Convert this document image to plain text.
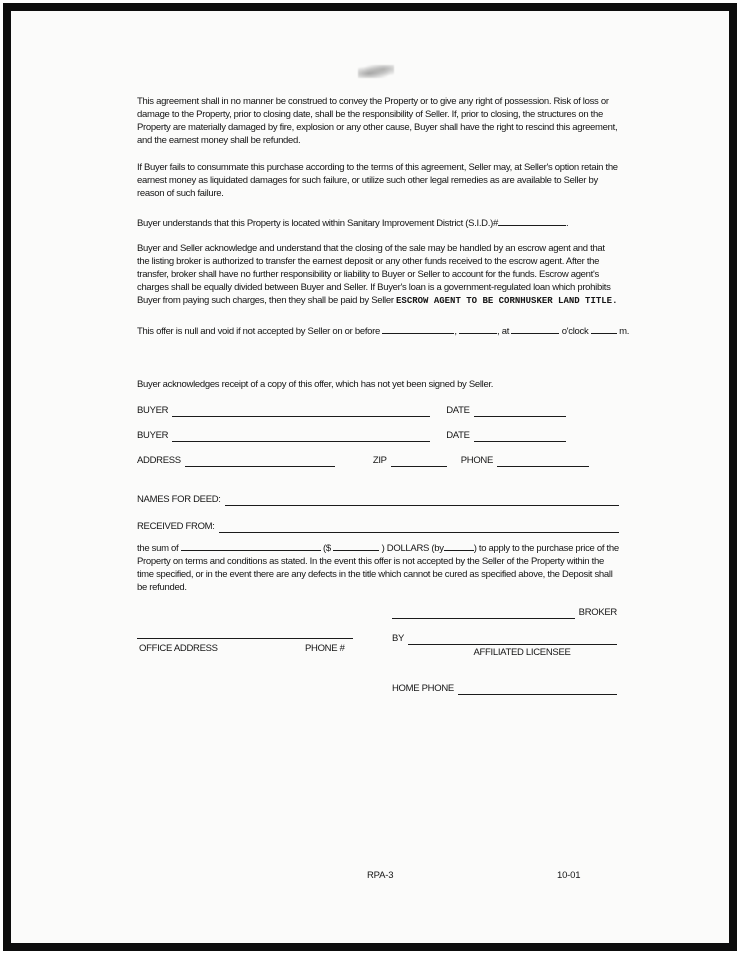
This agreement shall in no manner be construed to convey the Property or to give any right of possession. Risk of loss or damage to the Property, prior to closing date, shall be the responsibility of Seller. If, prior to closing, the structures on the Property are materially damaged by fire, explosion or any other cause, Buyer shall have the right to rescind this agreement, and the earnest money shall be refunded.

If Buyer fails to consummate this purchase according to the terms of this agreement, Seller may, at Seller's option retain the earnest money as liquidated damages for such failure, or utilize such other legal remedies as are available to Seller by reason of such failure.

Buyer understands that this Property is located within Sanitary Improvement District (S.I.D.)#	.

Buyer and Seller acknowledge and understand that the closing of the sale may be handled by an escrow agent and that the listing broker is authorized to transfer the earnest deposit or any other funds received to the escrow agent. After the transfer, broker shall have no further responsibility or liability to Buyer or Seller to account for the funds. Escrow agent's charges shall be equally divided between Buyer and Seller. If Buyer's loan is a government-regulated loan which prohibits Buyer from paying such charges, then they shall be paid by Seller ESCROW AGENT TO BE CORNHUSKER LAND TITLE.

This offer is null and void if not accepted by Seller on or before	,	, at	o'clock	m.

Buyer acknowledges receipt of a copy of this offer, which has not yet been signed by Seller.

BUYER	DATE
BUYER	DATE
ADDRESS	ZIP	PHONE
NAMES FOR DEED:
RECEIVED FROM:

the sum of	($	) DOLLARS (by	) to apply to the purchase price of the Property on terms and conditions as stated. In the event this offer is not accepted by the Seller of the Property within the time specified, or in the event there are any defects in the title which cannot be cured as specified above, the Deposit shall be refunded.

BROKER
BY
OFFICE ADDRESS	PHONE #	AFFILIATED LICENSEE
HOME PHONE
RPA-3	10-01
